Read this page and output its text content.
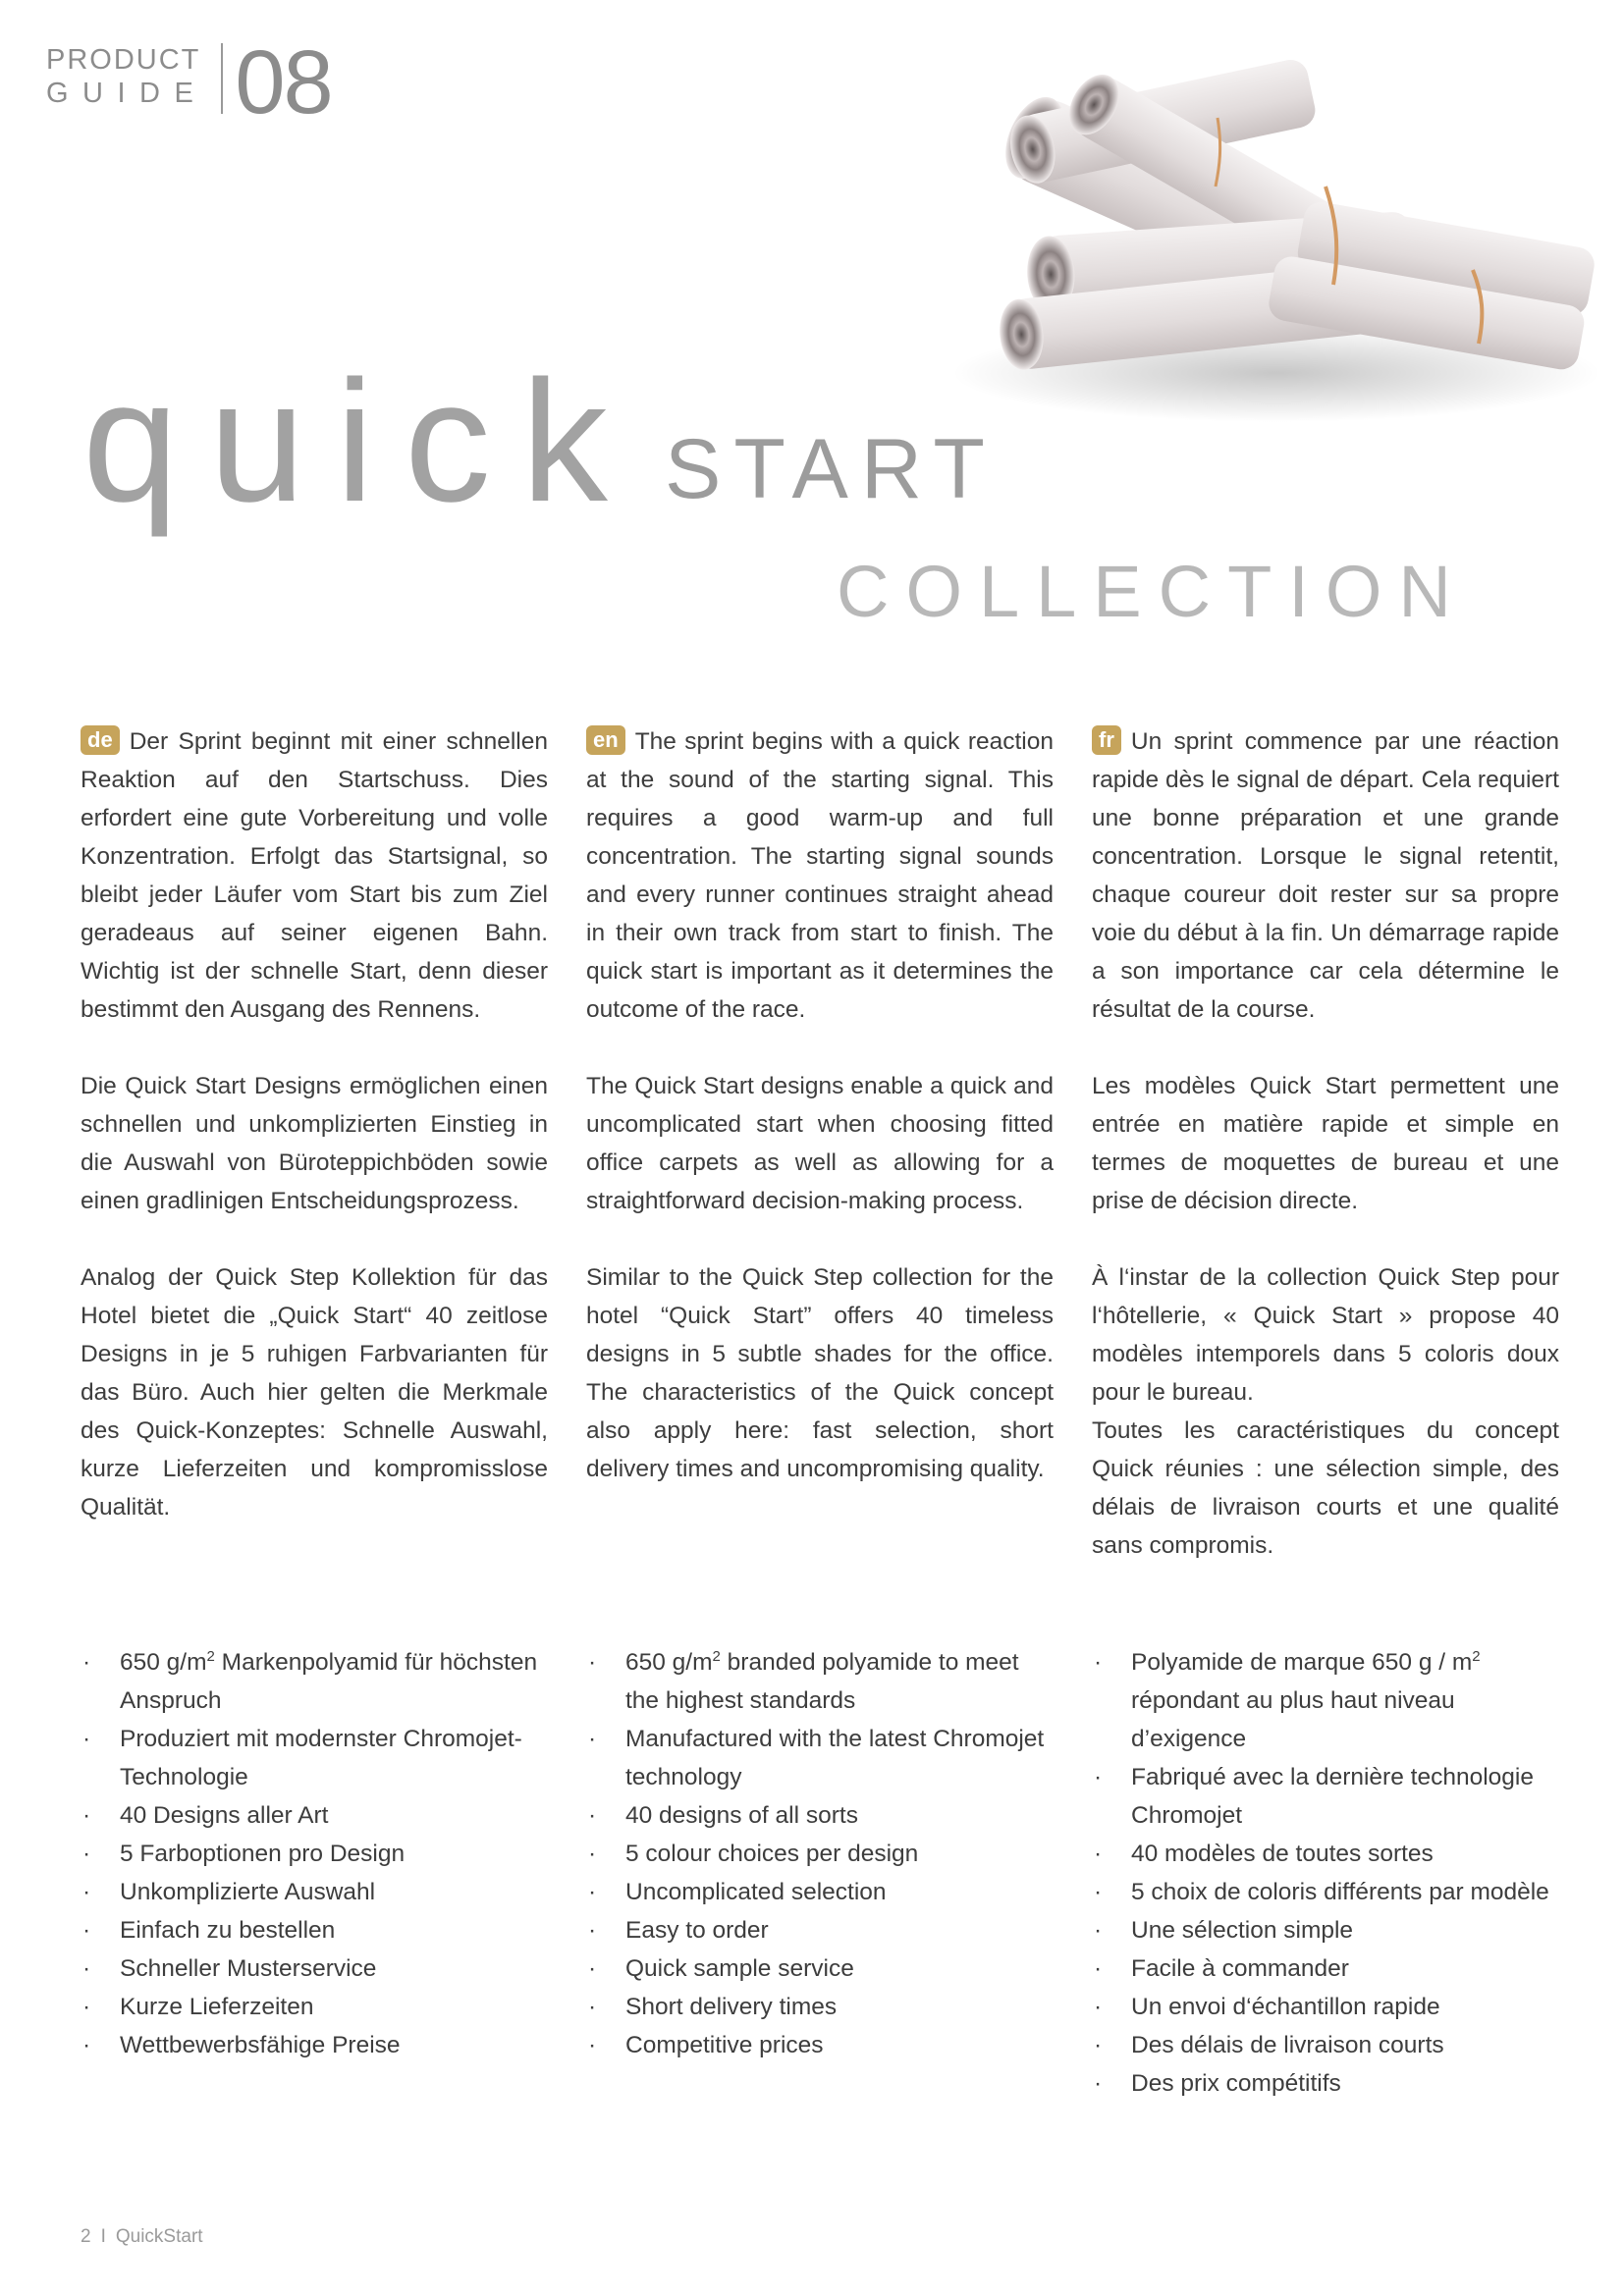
PRODUCT
GUIDE 08
quick START
COLLECTION

de Der Sprint beginnt mit einer schnellen Reaktion auf den Startschuss. Dies erfordert eine gute Vorbereitung und volle Konzentration. Erfolgt das Startsignal, so bleibt jeder Läufer vom Start bis zum Ziel geradeaus auf seiner eigenen Bahn. Wichtig ist der schnelle Start, denn dieser bestimmt den Ausgang des Rennens.

Die Quick Start Designs ermöglichen einen schnellen und unkomplizierten Einstieg in die Auswahl von Büroteppichböden sowie einen gradlinigen Entscheidungsprozess.

Analog der Quick Step Kollektion für das Hotel bietet die „Quick Start“ 40 zeitlose Designs in je 5 ruhigen Farbvarianten für das Büro. Auch hier gelten die Merkmale des Quick-Konzeptes: Schnelle Auswahl, kurze Lieferzeiten und kompromisslose Qualität.

en The sprint begins with a quick reaction at the sound of the starting signal. This requires a good warm-up and full concentration. The starting signal sounds and every runner continues straight ahead in their own track from start to finish. The quick start is important as it determines the outcome of the race.

The Quick Start designs enable a quick and uncomplicated start when choosing fitted office carpets as well as allowing for a straightforward decision-making process.

Similar to the Quick Step collection for the hotel “Quick Start” offers 40 timeless designs in 5 subtle shades for the office. The characteristics of the Quick concept also apply here: fast selection, short delivery times and uncompromising quality.

fr Un sprint commence par une réaction rapide dès le signal de départ. Cela requiert une bonne préparation et une grande concentration. Lorsque le signal retentit, chaque coureur doit rester sur sa propre voie du début à la fin. Un démarrage rapide a son importance car cela détermine le résultat de la course.

Les modèles Quick Start permettent une entrée en matière rapide et simple en termes de moquettes de bureau et une prise de décision directe.

À l‘instar de la collection Quick Step pour l‘hôtellerie, « Quick Start » propose 40 modèles intemporels dans 5 coloris doux pour le bureau.

Toutes les caractéristiques du concept Quick réunies : une sélection simple, des délais de livraison courts et une qualité sans compromis.

· 650 $g/m^2$ Markenpolyamid für höchsten Anspruch
· Produziert mit modernster Chromojet-Technologie
· 40 Designs aller Art
· 5 Farboptionen pro Design
· Unkomplizierte Auswahl
· Einfach zu bestellen
· Schneller Musterservice
· Kurze Lieferzeiten
· Wettbewerbsfähige Preise
· 650 $g/m^2$ branded polyamide to meet the highest standards
· Manufactured with the latest Chromojet technology
· 40 designs of all sorts
· 5 colour choices per design
· Uncomplicated selection
· Easy to order
· Quick sample service
· Short delivery times
· Competitive prices
· Polyamide de marque 650 g / $m^2$ répondant au plus haut niveau d’exigence
· Fabriqué avec la dernière technologie Chromojet
· 40 modèles de toutes sortes
· 5 choix de coloris différents par modèle
· Une sélection simple
· Facile à commander
· Un envoi d‘échantillon rapide
· Des délais de livraison courts
· Des prix compétitifs
2 I QuickStart
